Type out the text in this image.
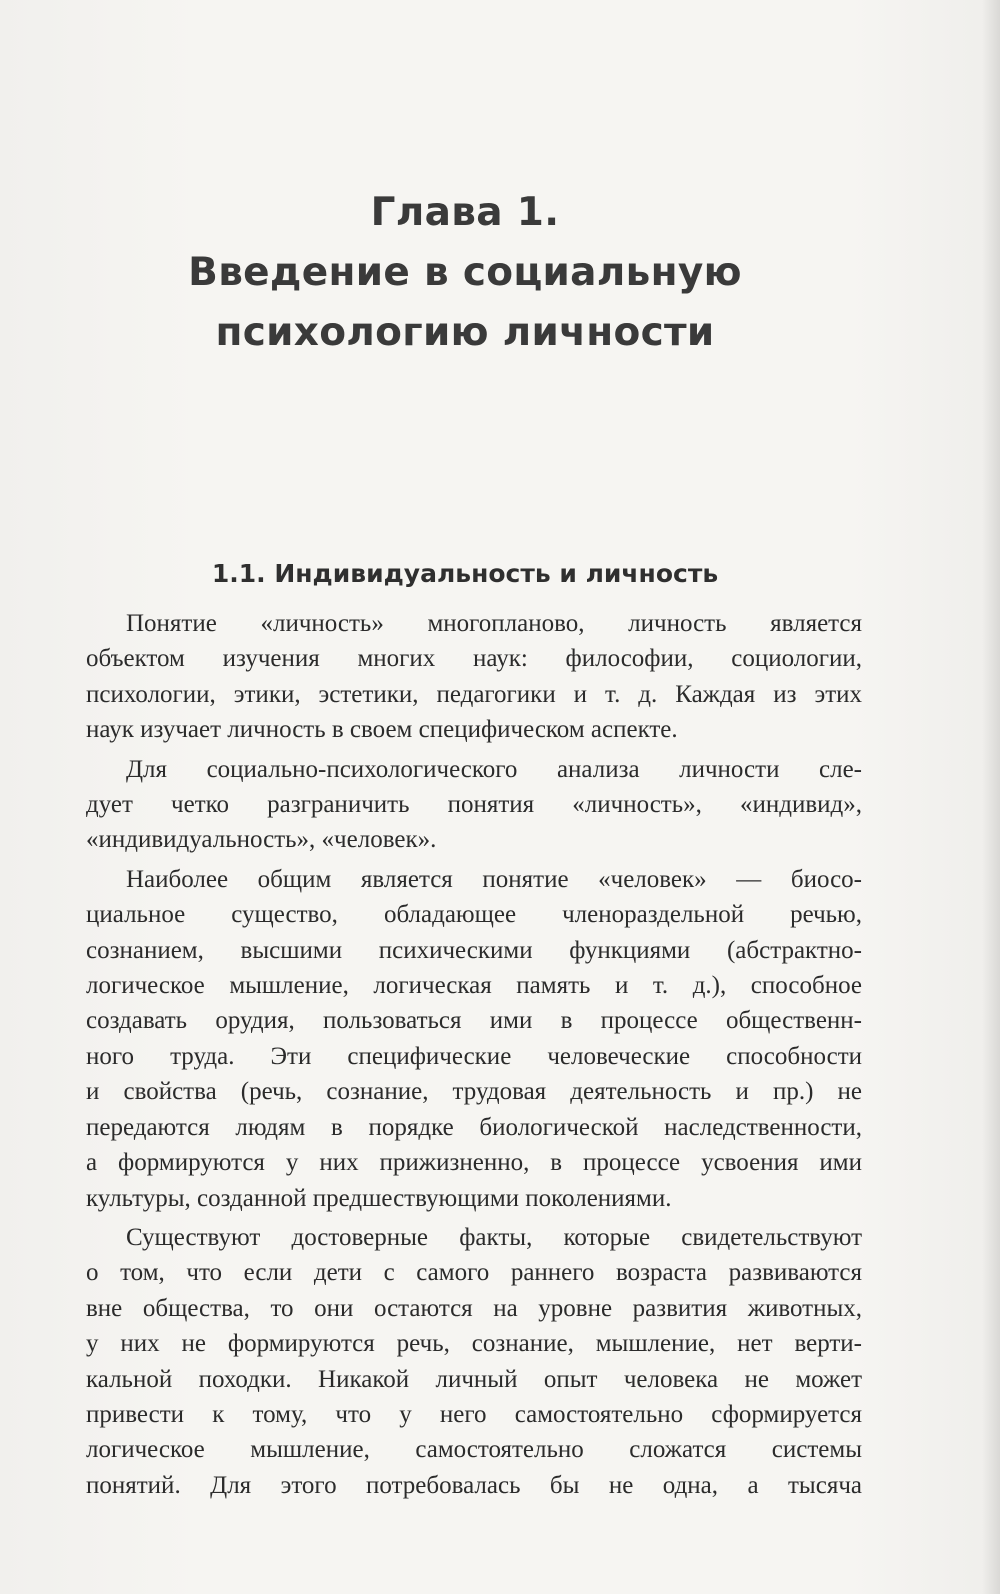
Глава 1.
Введение в социальную
психологию личности
1.1. Индивидуальность и личность
Понятие «личность» многопланово, личность является
объектом изучения многих наук: философии, социологии,
психологии, этики, эстетики, педагогики и т. д. Каждая из этих
наук изучает личность в своем специфическом аспекте.
Для социально-психологического анализа личности сле-
дует четко разграничить понятия «личность», «индивид»,
«индивидуальность», «человек».
Наиболее общим является понятие «человек» — биосо-
циальное существо, обладающее членораздельной речью,
сознанием, высшими психическими функциями (абстрактно-
логическое мышление, логическая память и т. д.), способное
создавать орудия, пользоваться ими в процессе общественн-
ного труда. Эти специфические человеческие способности
и свойства (речь, сознание, трудовая деятельность и пр.) не
передаются людям в порядке биологической наследственности,
а формируются у них прижизненно, в процессе усвоения ими
культуры, созданной предшествующими поколениями.
Существуют достоверные факты, которые свидетельствуют
о том, что если дети с самого раннего возраста развиваются
вне общества, то они остаются на уровне развития животных,
у них не формируются речь, сознание, мышление, нет верти-
кальной походки. Никакой личный опыт человека не может
привести к тому, что у него самостоятельно сформируется
логическое мышление, самостоятельно сложатся системы
понятий. Для этого потребовалась бы не одна, а тысяча
